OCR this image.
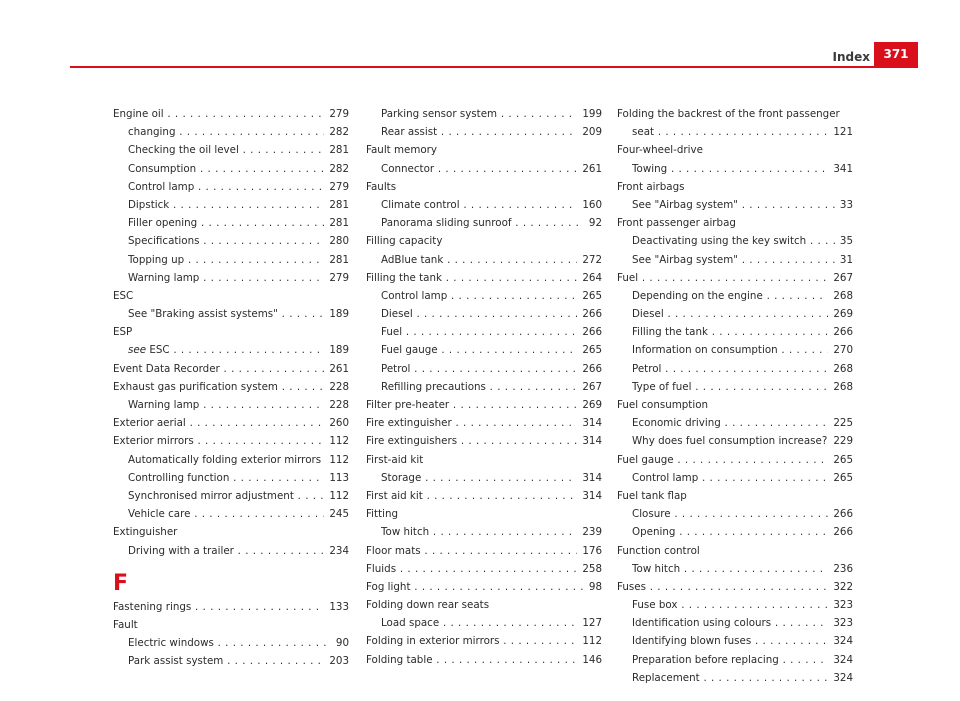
Index	371
Engine oil . . .	279
changing . . .	282
Checking the oil level . . .	281
Consumption . . .	282
Control lamp . . .	279
Dipstick . . .	281
Filler opening . . .	281
Specifications . . .	280
Topping up . . .	281
Warning lamp . . .	279
ESC
See "Braking assist systems" . . .	189
ESP
see ESC . . .	189
Event Data Recorder . . .	261
Exhaust gas purification system . . .	228
Warning lamp . . .	228
Exterior aerial . . .	260
Exterior mirrors . . .	112
Automatically folding exterior mirrors . . . 112
Controlling function . . .	113
Synchronised mirror adjustment . . .	112
Vehicle care . . .	245
Extinguisher
Driving with a trailer . . .	234
F
Fastening rings . . .	133
Fault
Electric windows . . .	90
Park assist system . . .	203
Parking sensor system . . .	199
Rear assist . . .	209
Fault memory
Connector . . .	261
Faults
Climate control . . .	160
Panorama sliding sunroof . . .	92
Filling capacity
AdBlue tank . . .	272
Filling the tank . . .	264
Control lamp . . .	265
Diesel . . .	266
Fuel . . .	266
Fuel gauge . . .	265
Petrol . . .	266
Refilling precautions . . .	267
Filter pre-heater . . .	269
Fire extinguisher . . .	314
Fire extinguishers . . .	314
First-aid kit
Storage . . .	314
First aid kit . . .	314
Fitting
Tow hitch . . .	239
Floor mats . . .	176
Fluids . . .	258
Fog light . . .	98
Folding down rear seats
Load space . . .	127
Folding in exterior mirrors . . .	112
Folding table . . .	146
Folding the backrest of the front passenger
seat . . .	121
Four-wheel-drive
Towing . . .	341
Front airbags
See "Airbag system" . . .	33
Front passenger airbag
Deactivating using the key switch . . .	35
See "Airbag system" . . .	31
Fuel . . .	267
Depending on the engine . . .	268
Diesel . . .	269
Filling the tank . . .	266
Information on consumption . . .	270
Petrol . . .	268
Type of fuel . . .	268
Fuel consumption
Economic driving . . .	225
Why does fuel consumption increase? . . . 229
Fuel gauge . . .	265
Control lamp . . .	265
Fuel tank flap
Closure . . .	266
Opening . . .	266
Function control
Tow hitch . . .	236
Fuses . . .	322
Fuse box . . .	323
Identification using colours . . .	323
Identifying blown fuses . . .	324
Preparation before replacing . . .	324
Replacement . . .	324
